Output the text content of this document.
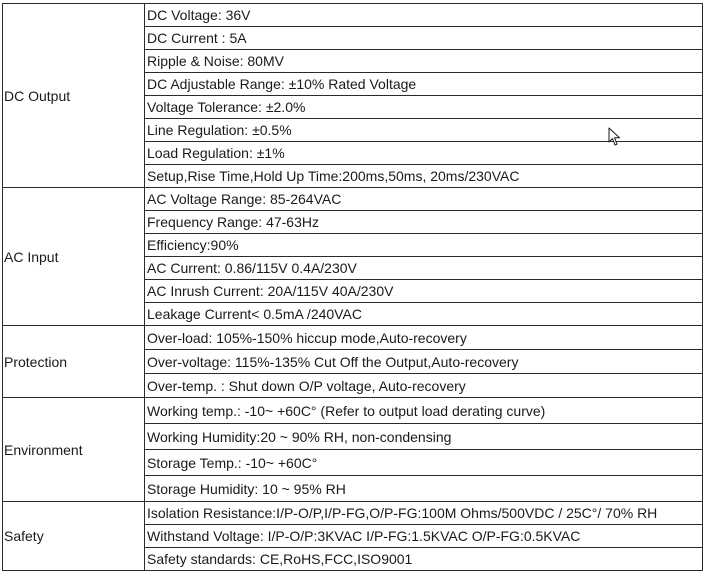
DC Output	DC Voltage: 36V
	DC Current : 5A
	Ripple & Noise: 80MV
	DC Adjustable Range: ±10% Rated Voltage
	Voltage Tolerance: ±2.0%
	Line Regulation: ±0.5%
	Load Regulation: ±1%
	Setup,Rise Time,Hold Up Time:200ms,50ms, 20ms/230VAC
AC Input	AC Voltage Range: 85-264VAC
	Frequency Range: 47-63Hz
	Efficiency:90%
	AC Current: 0.86/115V 0.4A/230V
	AC Inrush Current: 20A/115V 40A/230V
	Leakage Current< 0.5mA /240VAC
Protection	Over-load: 105%-150% hiccup mode,Auto-recovery
	Over-voltage: 115%-135% Cut Off the Output,Auto-recovery
	Over-temp. : Shut down O/P voltage, Auto-recovery
Environment	Working temp.: -10~ +60C° (Refer to output load derating curve)
	Working Humidity:20 ~ 90% RH, non-condensing
	Storage Temp.: -10~ +60C°
	Storage Humidity: 10 ~ 95% RH
Safety	Isolation Resistance:I/P-O/P,I/P-FG,O/P-FG:100M Ohms/500VDC / 25C°/ 70% RH
	Withstand Voltage: I/P-O/P:3KVAC I/P-FG:1.5KVAC O/P-FG:0.5KVAC
	Safety standards: CE,RoHS,FCC,ISO9001
